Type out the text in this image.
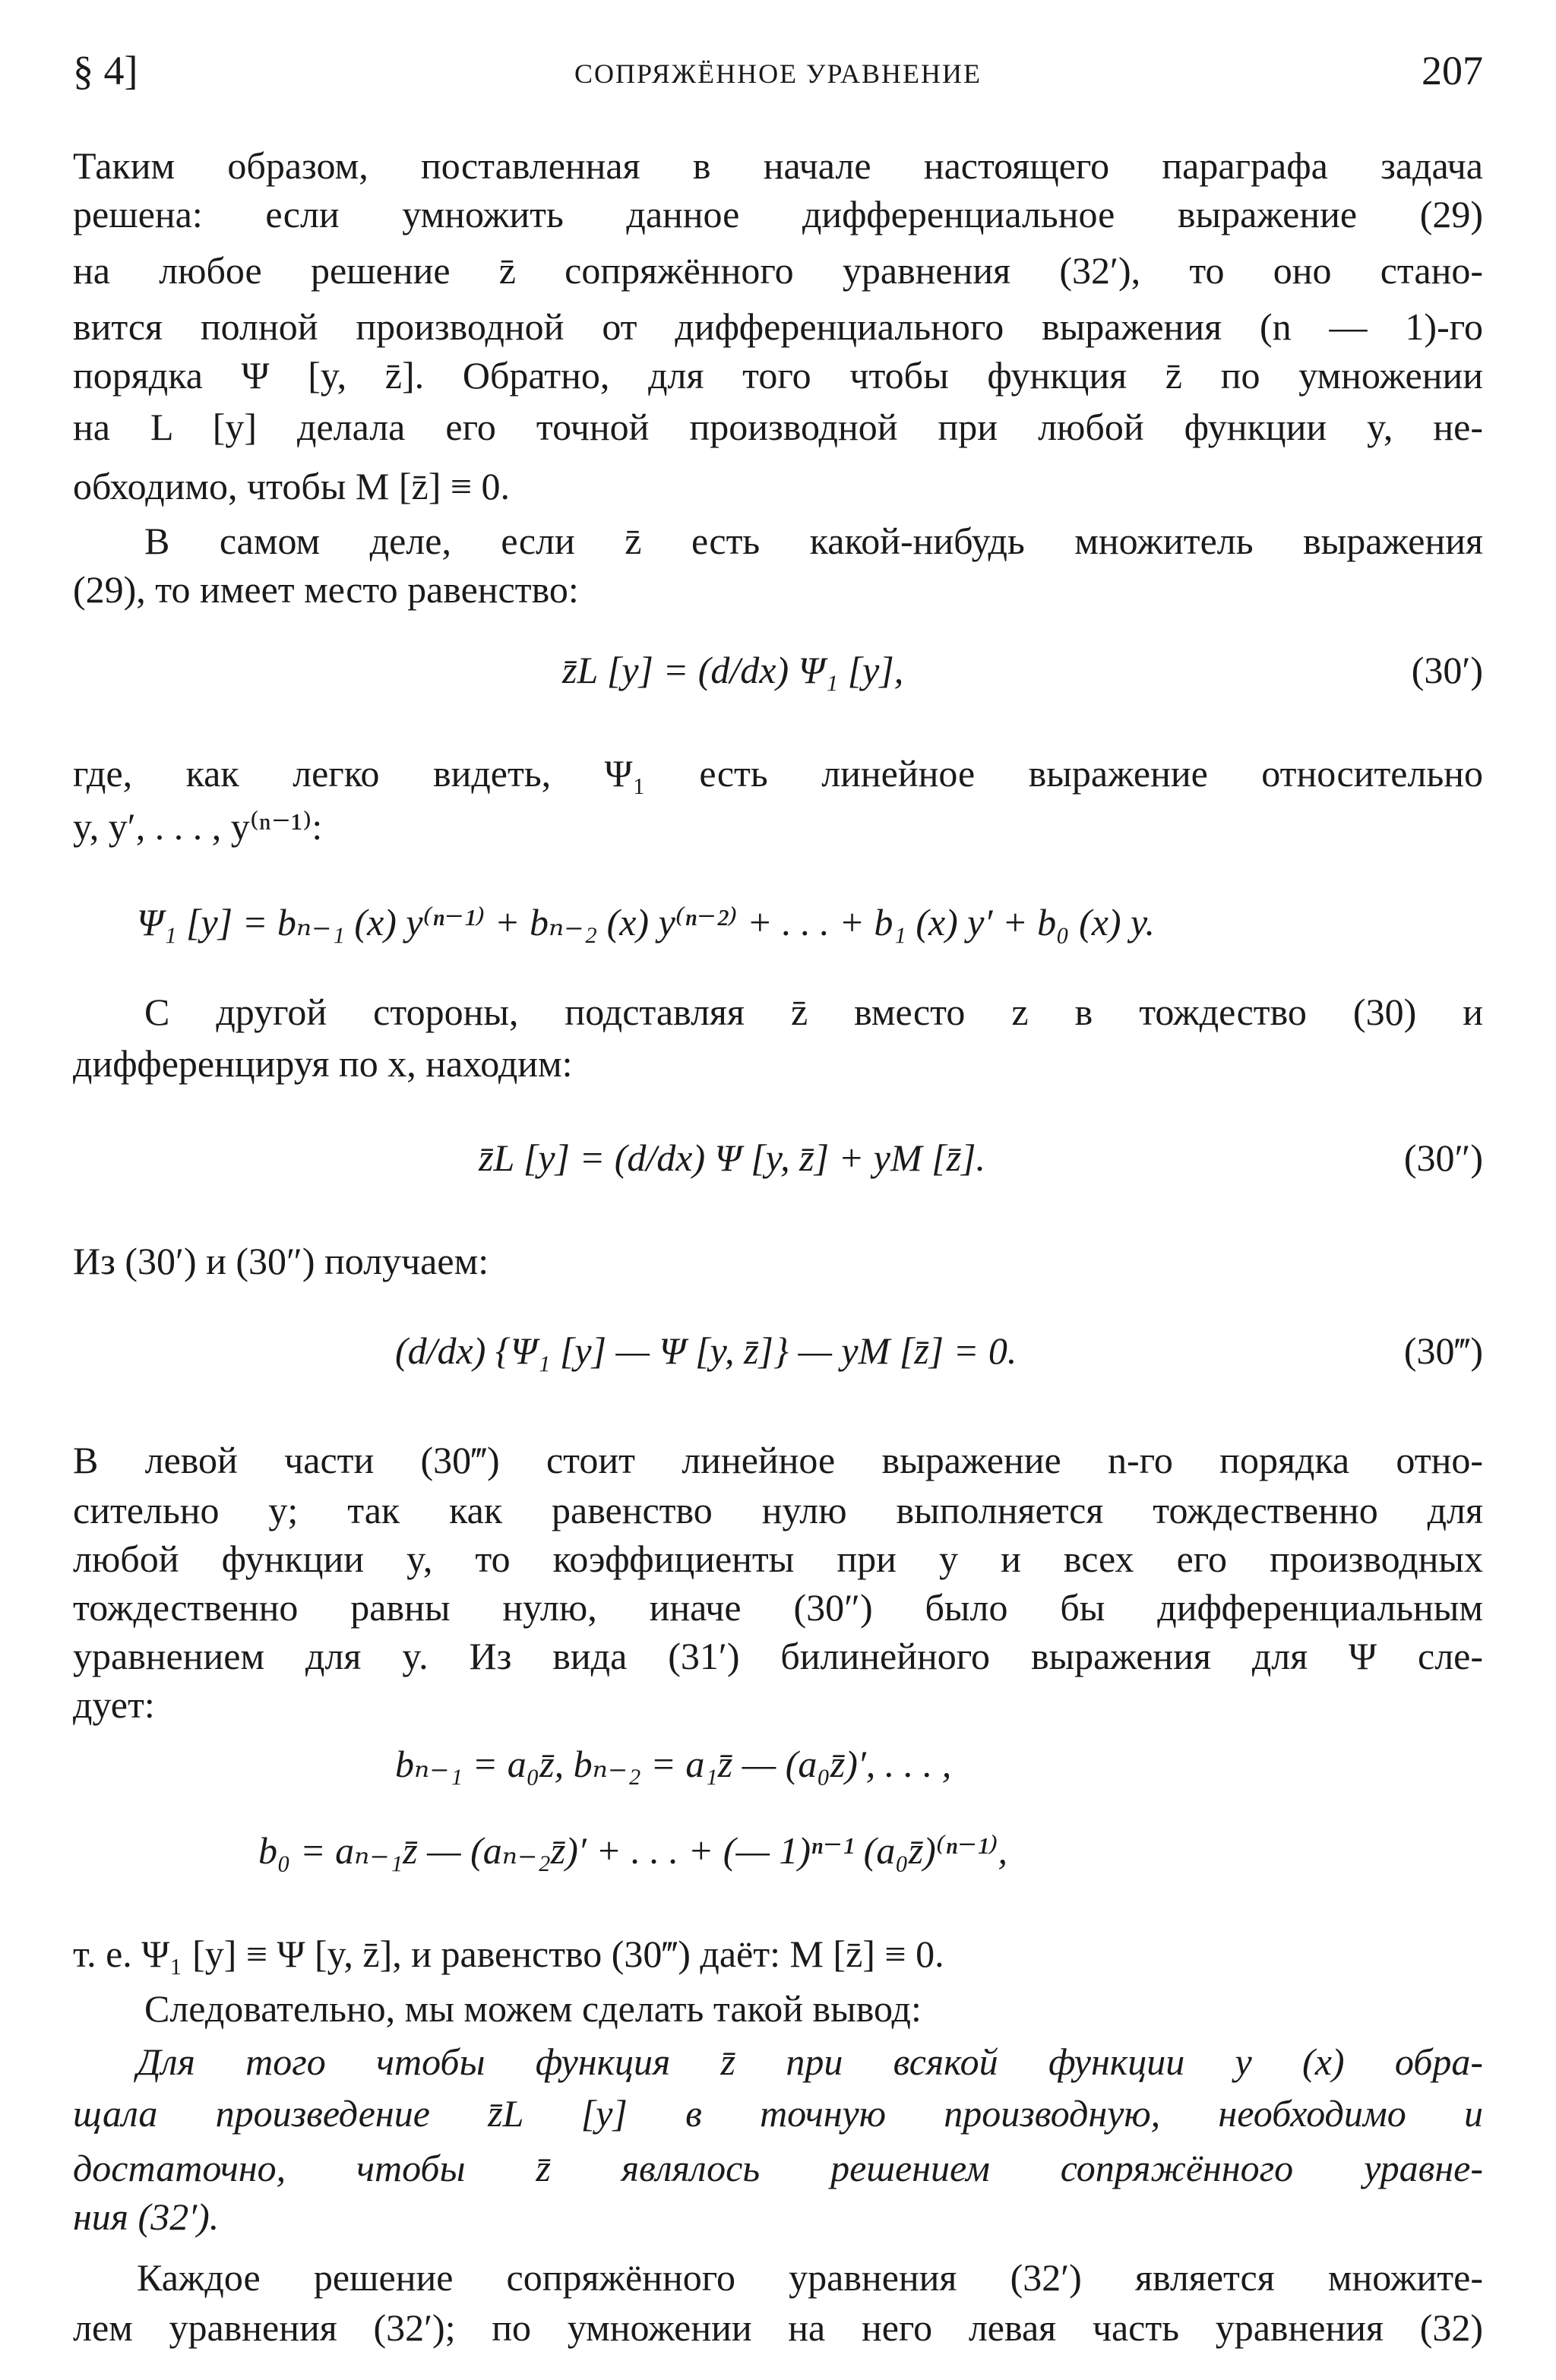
§ 4]	СОПРЯЖЁННОЕ УРАВНЕНИЕ	207
Таким образом, поставленная в начале настоящего параграфа задача
решена: если умножить данное дифференциальное выражение (29)
на любое решение z̄ сопряжённого уравнения (32′), то оно стано-
вится полной производной от дифференциального выражения (n — 1)-го
порядка Ψ [y, z̄]. Обратно, для того чтобы функция z̄ по умножении
на L [y] делала его точной производной при любой функции y, не-
обходимо, чтобы M [z̄] ≡ 0.
В самом деле, если z̄ есть какой-нибудь множитель выражения
(29), то имеет место равенство:
z̄L [y] = (d/dx) Ψ₁ [y],	(30′)
где, как легко видеть, Ψ₁ есть линейное выражение относительно
y, y′, . . . , y⁽ⁿ⁻¹⁾:
Ψ₁ [y] = bₙ₋₁ (x) y⁽ⁿ⁻¹⁾ + bₙ₋₂ (x) y⁽ⁿ⁻²⁾ + . . . + b₁ (x) y′ + b₀ (x) y.
С другой стороны, подставляя z̄ вместо z в тождество (30) и
дифференцируя по x, находим:
z̄L [y] = (d/dx) Ψ [y, z̄] + yM [z̄].	(30″)
Из (30′) и (30″) получаем:
(d/dx) {Ψ₁ [y] — Ψ [y, z̄]} — yM [z̄] = 0.	(30‴)
В левой части (30‴) стоит линейное выражение n-го порядка отно-
сительно y; так как равенство нулю выполняется тождественно для
любой функции y, то коэффициенты при y и всех его производных
тождественно равны нулю, иначе (30″) было бы дифференциальным
уравнением для y. Из вида (31′) билинейного выражения для Ψ сле-
дует:
bₙ₋₁ = a₀z̄, bₙ₋₂ = a₁z̄ — (a₀z̄)′, . . . ,
b₀ = aₙ₋₁z̄ — (aₙ₋₂z̄)′ + . . . + (— 1)ⁿ⁻¹ (a₀z̄)⁽ⁿ⁻¹⁾,
т. е. Ψ₁ [y] ≡ Ψ [y, z̄], и равенство (30‴) даёт: M [z̄] ≡ 0.
Следовательно, мы можем сделать такой вывод:
Для того чтобы функция z̄ при всякой функции y (x) обра-
щала произведение z̄L [y] в точную производную, необходимо и
достаточно, чтобы z̄ являлось решением сопряжённого уравне-
ния (32′).
Каждое решение сопряжённого уравнения (32′) является множите-
лем уравнения (32′); по умножении на него левая часть уравнения (32)
